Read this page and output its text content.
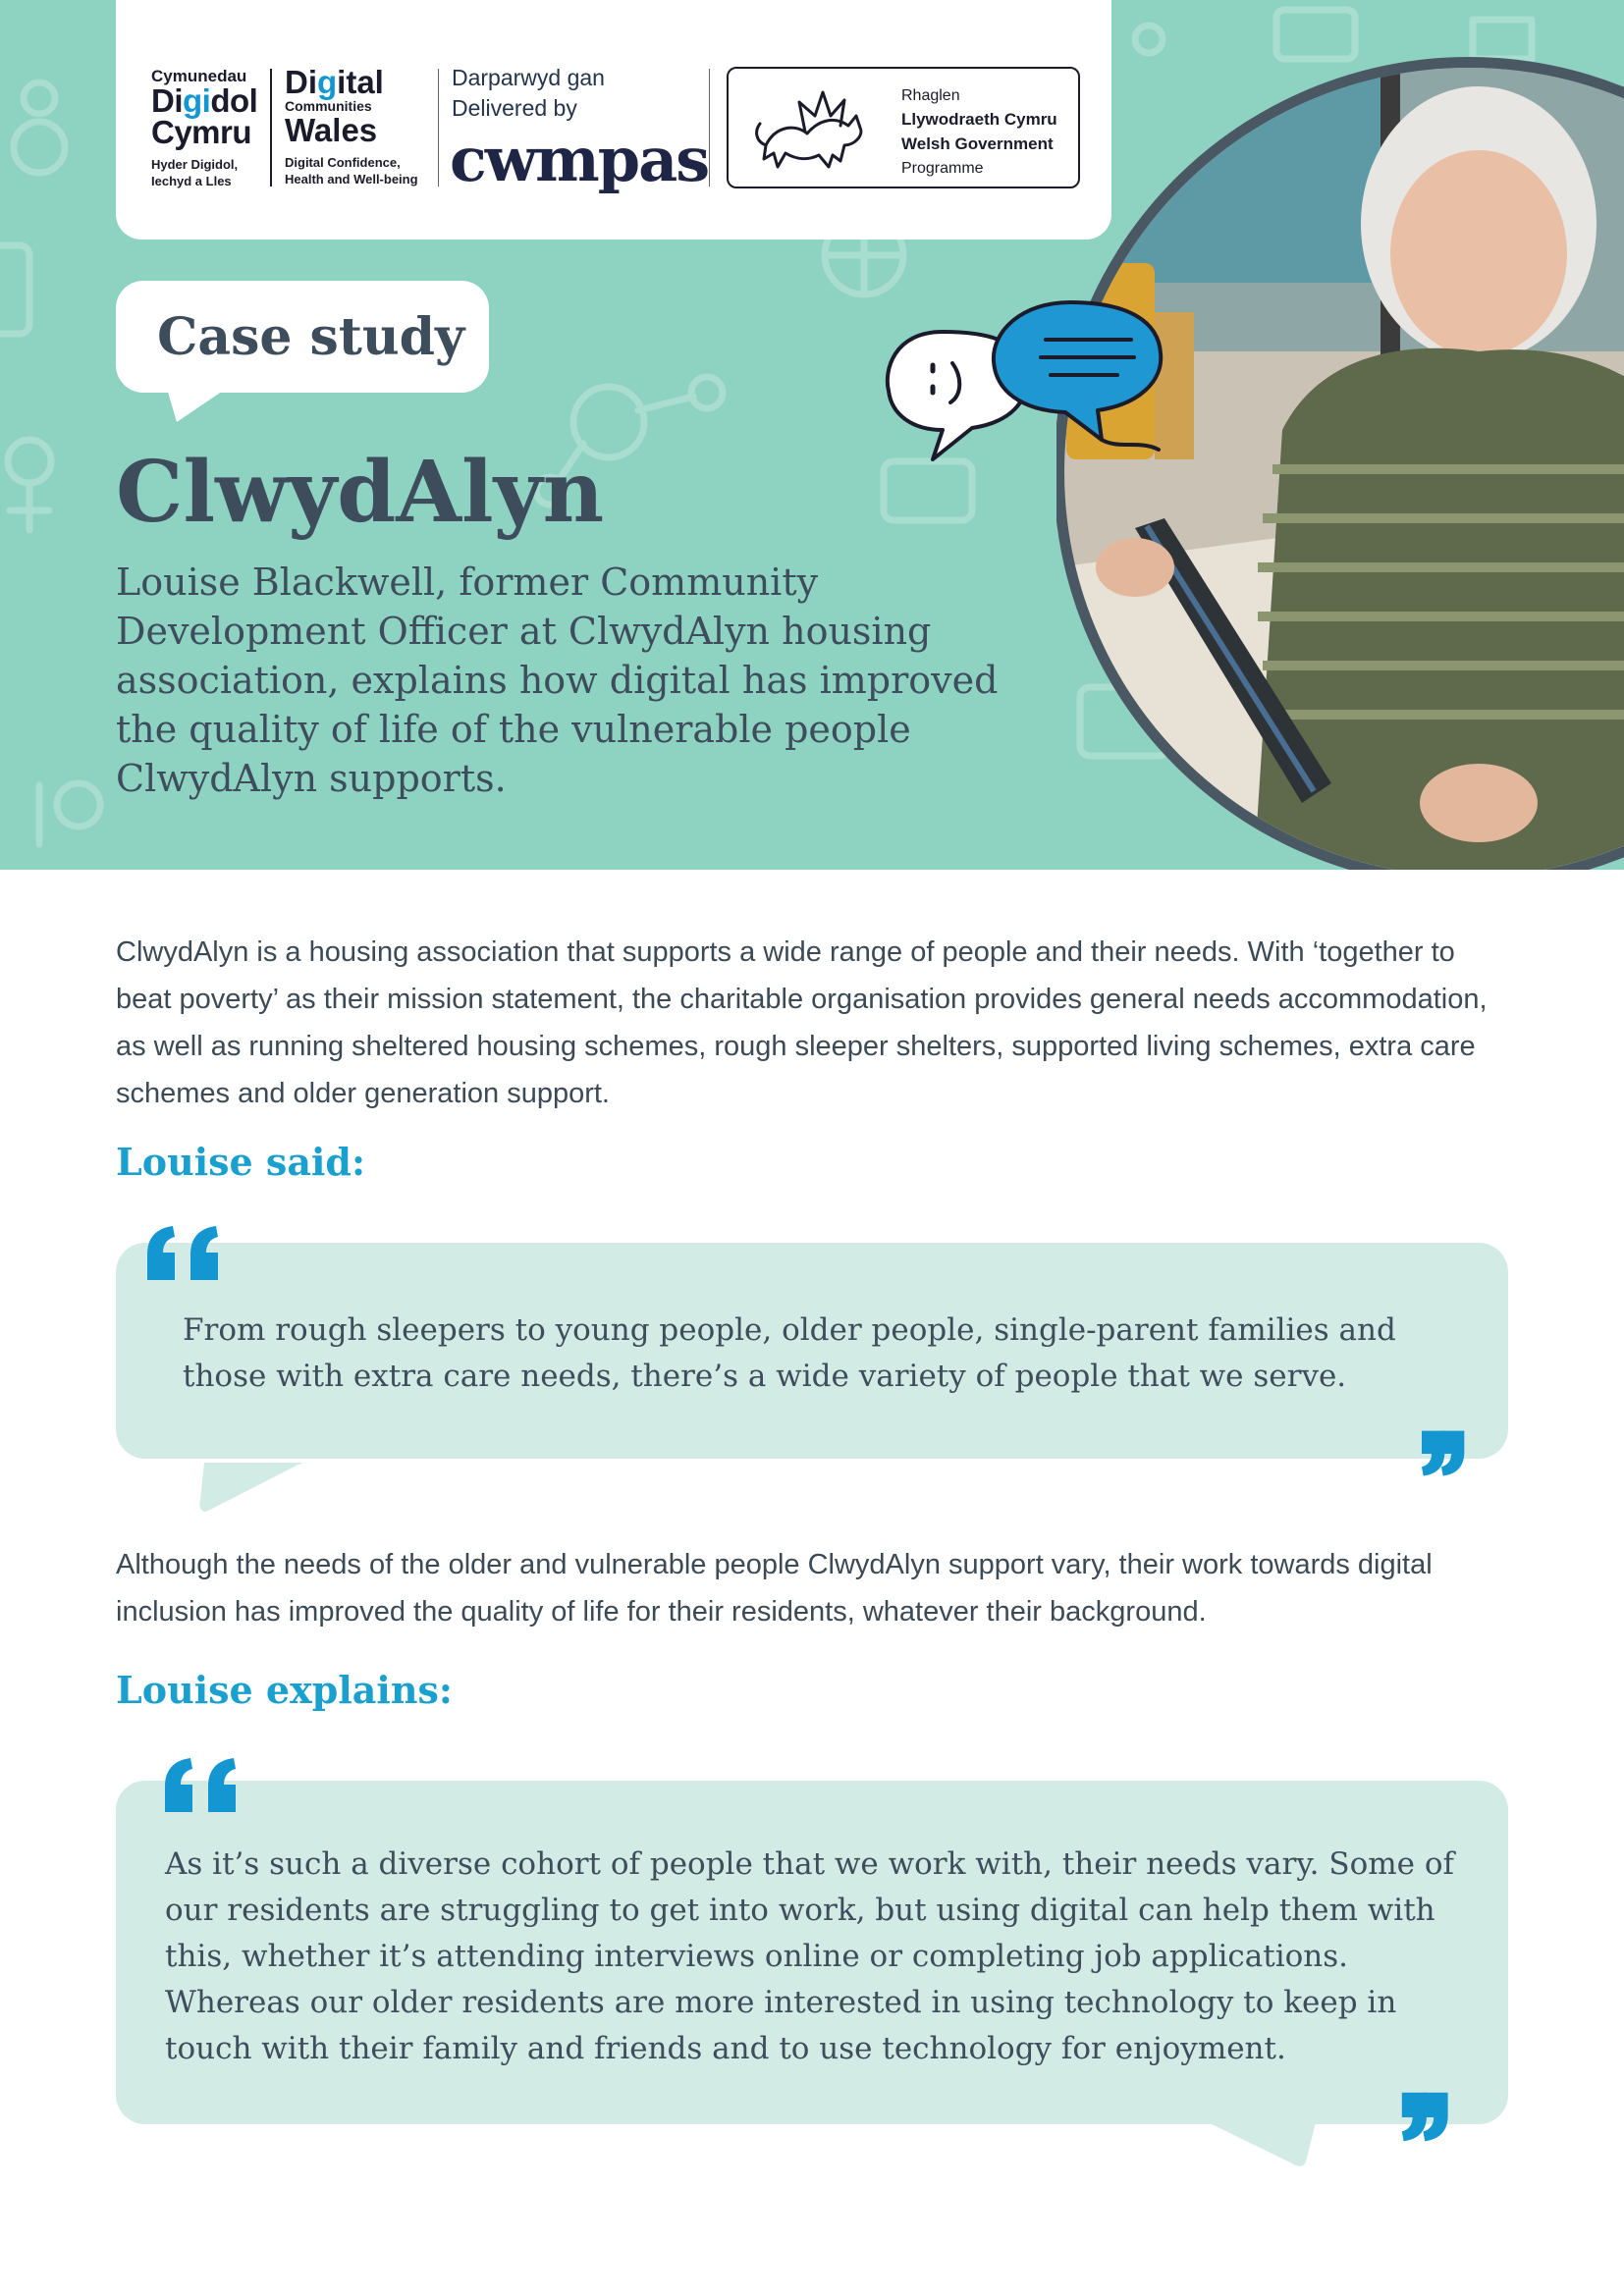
Cymunedau
Digidol
Cymru
Hyder Digidol,
Iechyd a Lles
Digital
Communities
Wales
Digital Confidence,
Health and Well-being
Darparwyd gan
Delivered by
cwmpas
Rhaglen
Llywodraeth Cymru
Welsh Government
Programme
Case study
ClwydAlyn
Louise Blackwell, former Community Development Officer at ClwydAlyn housing association, explains how digital has improved the quality of life of the vulnerable people ClwydAlyn supports.
ClwydAlyn is a housing association that supports a wide range of people and their needs. With ‘together to beat poverty’ as their mission statement, the charitable organisation provides general needs accommodation, as well as running sheltered housing schemes, rough sleeper shelters, supported living schemes, extra care schemes and older generation support.
Louise said:
From rough sleepers to young people, older people, single-parent families and those with extra care needs, there’s a wide variety of people that we serve.
Although the needs of the older and vulnerable people ClwydAlyn support vary, their work towards digital inclusion has improved the quality of life for their residents, whatever their background.
Louise explains:
As it’s such a diverse cohort of people that we work with, their needs vary. Some of our residents are struggling to get into work, but using digital can help them with this, whether it’s attending interviews online or completing job applications. Whereas our older residents are more interested in using technology to keep in touch with their family and friends and to use technology for enjoyment.
